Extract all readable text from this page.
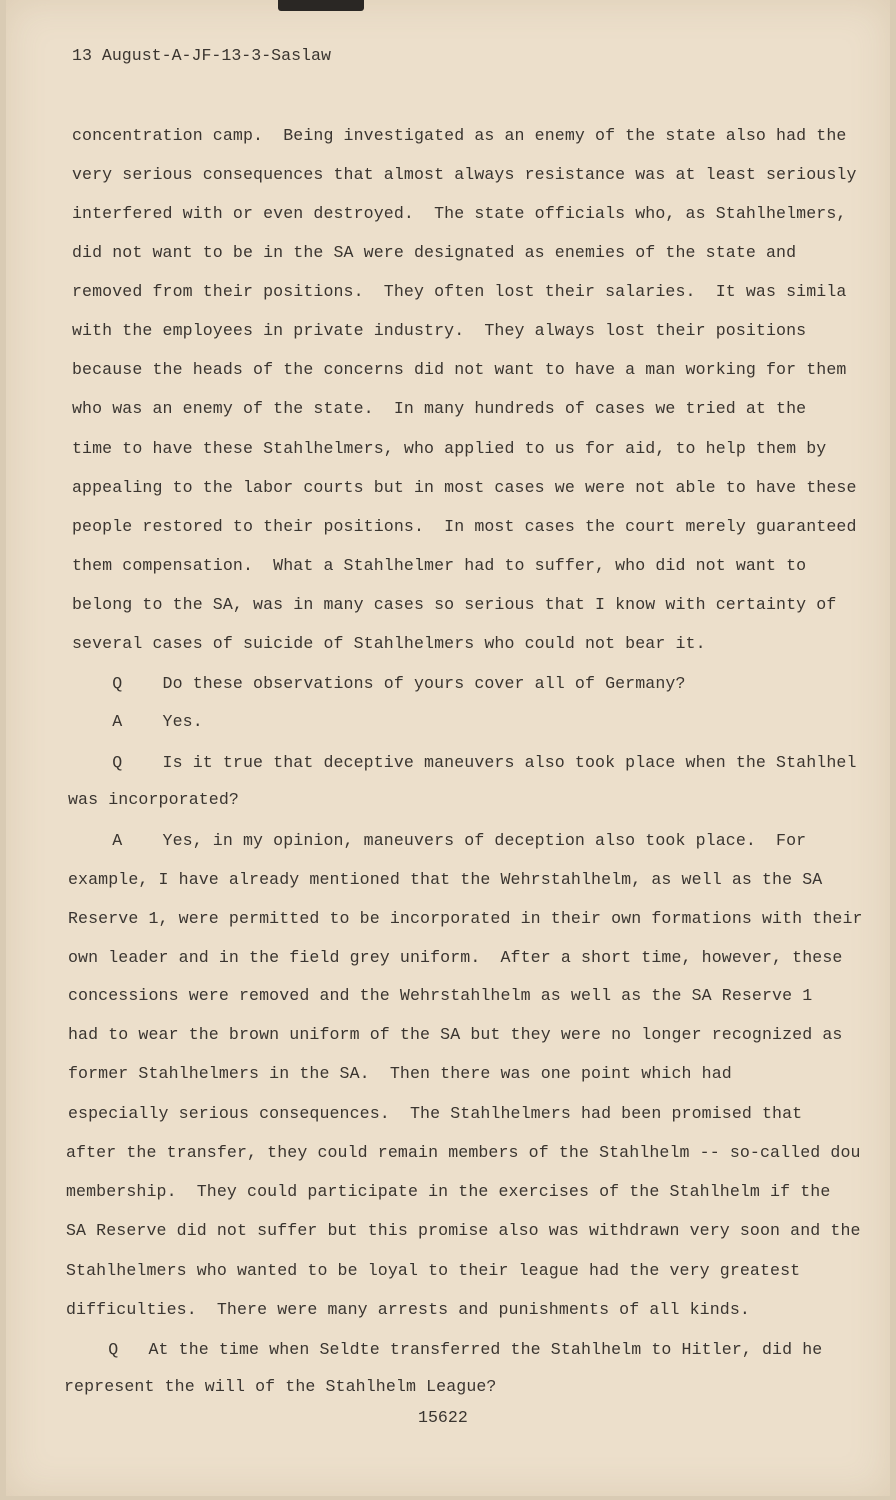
13 August-A-JF-13-3-Saslaw
concentration camp.  Being investigated as an enemy of the state also had the
very serious consequences that almost always resistance was at least seriously
interfered with or even destroyed.  The state officials who, as Stahlhelmers,
did not want to be in the SA were designated as enemies of the state and
removed from their positions.  They often lost their salaries.  It was simila
with the employees in private industry.  They always lost their positions
because the heads of the concerns did not want to have a man working for them
who was an enemy of the state.  In many hundreds of cases we tried at the
time to have these Stahlhelmers, who applied to us for aid, to help them by
appealing to the labor courts but in most cases we were not able to have these
people restored to their positions.  In most cases the court merely guaranteed
them compensation.  What a Stahlhelmer had to suffer, who did not want to
belong to the SA, was in many cases so serious that I know with certainty of
several cases of suicide of Stahlhelmers who could not bear it.
Q    Do these observations of yours cover all of Germany?
A    Yes.
Q    Is it true that deceptive maneuvers also took place when the Stahlhel
was incorporated?
A    Yes, in my opinion, maneuvers of deception also took place.  For
example, I have already mentioned that the Wehrstahlhelm, as well as the SA
Reserve 1, were permitted to be incorporated in their own formations with their
own leader and in the field grey uniform.  After a short time, however, these
concessions were removed and the Wehrstahlhelm as well as the SA Reserve 1
had to wear the brown uniform of the SA but they were no longer recognized as
former Stahlhelmers in the SA.  Then there was one point which had
especially serious consequences.  The Stahlhelmers had been promised that
after the transfer, they could remain members of the Stahlhelm -- so-called dou
membership.  They could participate in the exercises of the Stahlhelm if the
SA Reserve did not suffer but this promise also was withdrawn very soon and the
Stahlhelmers who wanted to be loyal to their league had the very greatest
difficulties.  There were many arrests and punishments of all kinds.
Q   At the time when Seldte transferred the Stahlhelm to Hitler, did he
represent the will of the Stahlhelm League?
15622
